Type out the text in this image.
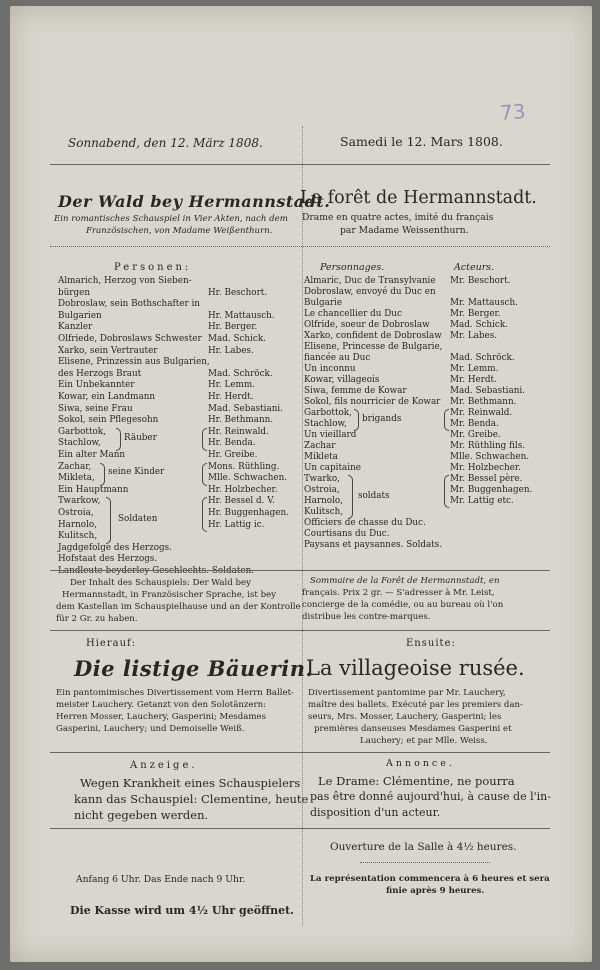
73
Sonnabend, den 12. März 1808.	Samedi le 12. Mars 1808.
Der Wald bey Hermannstadt.
Ein romantisches Schauspiel in Vier Akten, nach dem
Französischen, von Madame Weißenthurn.
La forêt de Hermannstadt.
Drame en quatre actes, imité du français
par Madame Weissenthurn.
Personen:
Almarich, Herzog von Sieben-
bürgen	Hr. Beschort.
Dobroslaw, sein Bothschafter in
Bulgarien	Hr. Mattausch.
Kanzler	Hr. Berger.
Olfriede, Dobroslaws Schwester Mad. Schick.
Xarko, sein Vertrauter	Hr. Labes.
Elisene, Prinzessin aus Bulgarien,
des Herzogs Braut	Mad. Schröck.
Ein Unbekannter	Hr. Lemm.
Kowar, ein Landmann	Hr. Herdt.
Siwa, seine Frau	Mad. Sebastiani.
Sokol, sein Pflegesohn	Hr. Bethmann.
Garbottok,	Hr. Reinwald.
Stachlow,	Hr. Benda.
Ein alter Mann	Hr. Greibe.
Zachar,	Mons. Rüthling.
Mikleta,	Mlle. Schwachen.
Ein Hauptmann	Hr. Holzbecher.
Twarkow,	Hr. Bessel d. V.
Ostroia,	Hr. Buggenhagen.
Harnolo,	Hr. Lattig ic.
Kulitsch,
Jagdgefolge des Herzogs.
Hofstaat des Herzogs.
Landleute beyderley Geschlechts. Soldaten.
Räuber
seine Kinder
Soldaten
Personnages.	Acteurs.
Almaric, Duc de Transylvanie Mr. Beschort.
Dobroslaw, envoyé du Duc en
Bulgarie	Mr. Mattausch.
Le chancellier du Duc	Mr. Berger.
Olfride, soeur de Dobroslaw Mad. Schick.
Xarko, confident de Dobroslaw Mr. Labes.
Elisene, Princesse de Bulgarie,
fiancée au Duc	Mad. Schröck.
Un inconnu	Mr. Lemm.
Kowar, villageois	Mr. Herdt.
Siwa, femme de Kowar	Mad. Sebastiani.
Sokol, fils nourricier de Kowar Mr. Bethmann.
Garbottok,	Mr. Reinwald.
Stachlow,	Mr. Benda.
Un vieillard	Mr. Greibe.
Zachar	Mr. Rüthling fils.
Mikleta	Mlle. Schwachen.
Un capitaine	Mr. Holzbecher.
Twarko,	Mr. Bessel père.
Ostroia,	Mr. Buggenhagen.
Harnolo,	Mr. Lattig etc.
Kulitsch,
Officiers de chasse du Duc.
Courtisans du Duc.
Paysans et paysannes. Soldats.
brigands
soldats
Der Inhalt des Schauspiels: Der Wald bey
Hermannstadt, in Französischer Sprache, ist bey
dem Kastellan im Schauspielhause und an der Kontrolle
für 2 Gr. zu haben.
Sommaire de la Forêt de Hermannstadt, en
français. Prix 2 gr. — S'adresser à Mr. Leist,
concierge de la comédie, ou au bureau où l'on
distribue les contre-marques.
Hierauf:
Die listige Bäuerin.
Ein pantomimisches Divertissement vom Herrn Ballet-
meister Lauchery. Getanzt von den Solotänzern:
Herren Mosser, Lauchery, Gasperini; Mesdames
Gasperini, Lauchery; und Demoiselle Weiß.
Ensuite:
La villageoise rusée.
Divertissement pantomime par Mr. Lauchery,
maître des ballets. Exécuté par les premiers dan-
seurs, Mrs. Mosser, Lauchery, Gasperini; les
premières danseuses Mesdames Gasperini et
Lauchery; et par Mlle. Weiss.
Anzeige.
Wegen Krankheit eines Schauspielers
kann das Schauspiel: Clementine, heute
nicht gegeben werden.
Annonce.
Le Drame: Clémentine, ne pourra
pas être donné aujourd'hui, à cause de l'in-
disposition d'un acteur.
Anfang 6 Uhr. Das Ende nach 9 Uhr.
Die Kasse wird um 4½ Uhr geöffnet.
Ouverture de la Salle à 4½ heures.
La représentation commencera à 6 heures et sera
finie après 9 heures.
